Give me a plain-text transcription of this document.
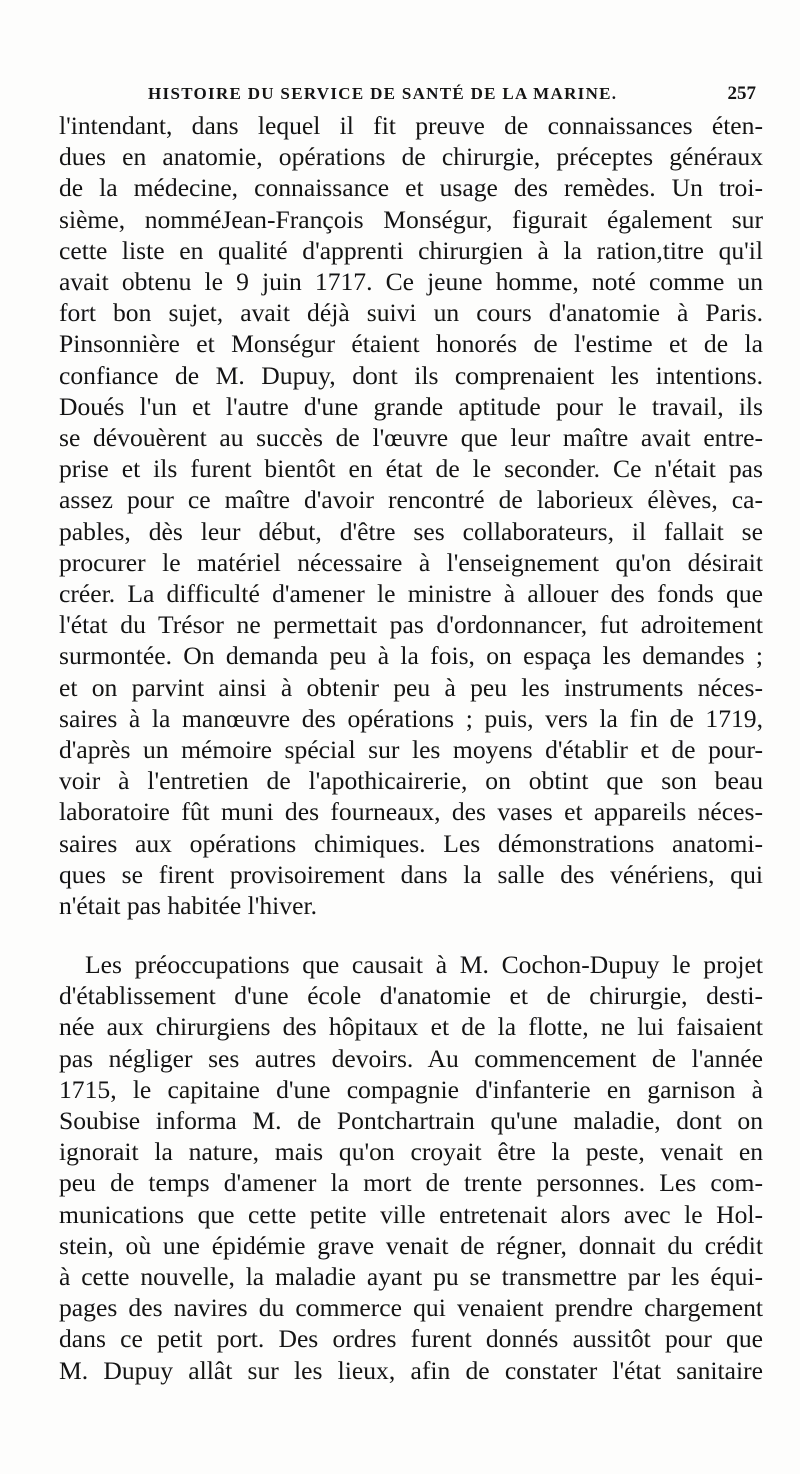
HISTOIRE DU SERVICE DE SANTÉ DE LA MARINE.	257
l'intendant, dans lequel il fit preuve de connaissances éten-
dues en anatomie, opérations de chirurgie, préceptes généraux
de la médecine, connaissance et usage des remèdes. Un troi-
sième, nomméJean-François Monségur, figurait également sur
cette liste en qualité d'apprenti chirurgien à la ration,titre qu'il
avait obtenu le 9 juin 1717. Ce jeune homme, noté comme un
fort bon sujet, avait déjà suivi un cours d'anatomie à Paris.
Pinsonnière et Monségur étaient honorés de l'estime et de la
confiance de M. Dupuy, dont ils comprenaient les intentions.
Doués l'un et l'autre d'une grande aptitude pour le travail, ils
se dévouèrent au succès de l'œuvre que leur maître avait entre-
prise et ils furent bientôt en état de le seconder. Ce n'était pas
assez pour ce maître d'avoir rencontré de laborieux élèves, ca-
pables, dès leur début, d'être ses collaborateurs, il fallait se
procurer le matériel nécessaire à l'enseignement qu'on désirait
créer. La difficulté d'amener le ministre à allouer des fonds que
l'état du Trésor ne permettait pas d'ordonnancer, fut adroitement
surmontée. On demanda peu à la fois, on espaça les demandes ;
et on parvint ainsi à obtenir peu à peu les instruments néces-
saires à la manœuvre des opérations ; puis, vers la fin de 1719,
d'après un mémoire spécial sur les moyens d'établir et de pour-
voir à l'entretien de l'apothicairerie, on obtint que son beau
laboratoire fût muni des fourneaux, des vases et appareils néces-
saires aux opérations chimiques. Les démonstrations anatomi-
ques se firent provisoirement dans la salle des vénériens, qui
n'était pas habitée l'hiver.
Les préoccupations que causait à M. Cochon-Dupuy le projet
d'établissement d'une école d'anatomie et de chirurgie, desti-
née aux chirurgiens des hôpitaux et de la flotte, ne lui faisaient
pas négliger ses autres devoirs. Au commencement de l'année
1715, le capitaine d'une compagnie d'infanterie en garnison à
Soubise informa M. de Pontchartrain qu'une maladie, dont on
ignorait la nature, mais qu'on croyait être la peste, venait en
peu de temps d'amener la mort de trente personnes. Les com-
munications que cette petite ville entretenait alors avec le Hol-
stein, où une épidémie grave venait de régner, donnait du crédit
à cette nouvelle, la maladie ayant pu se transmettre par les équi-
pages des navires du commerce qui venaient prendre chargement
dans ce petit port. Des ordres furent donnés aussitôt pour que
M. Dupuy allât sur les lieux, afin de constater l'état sanitaire
